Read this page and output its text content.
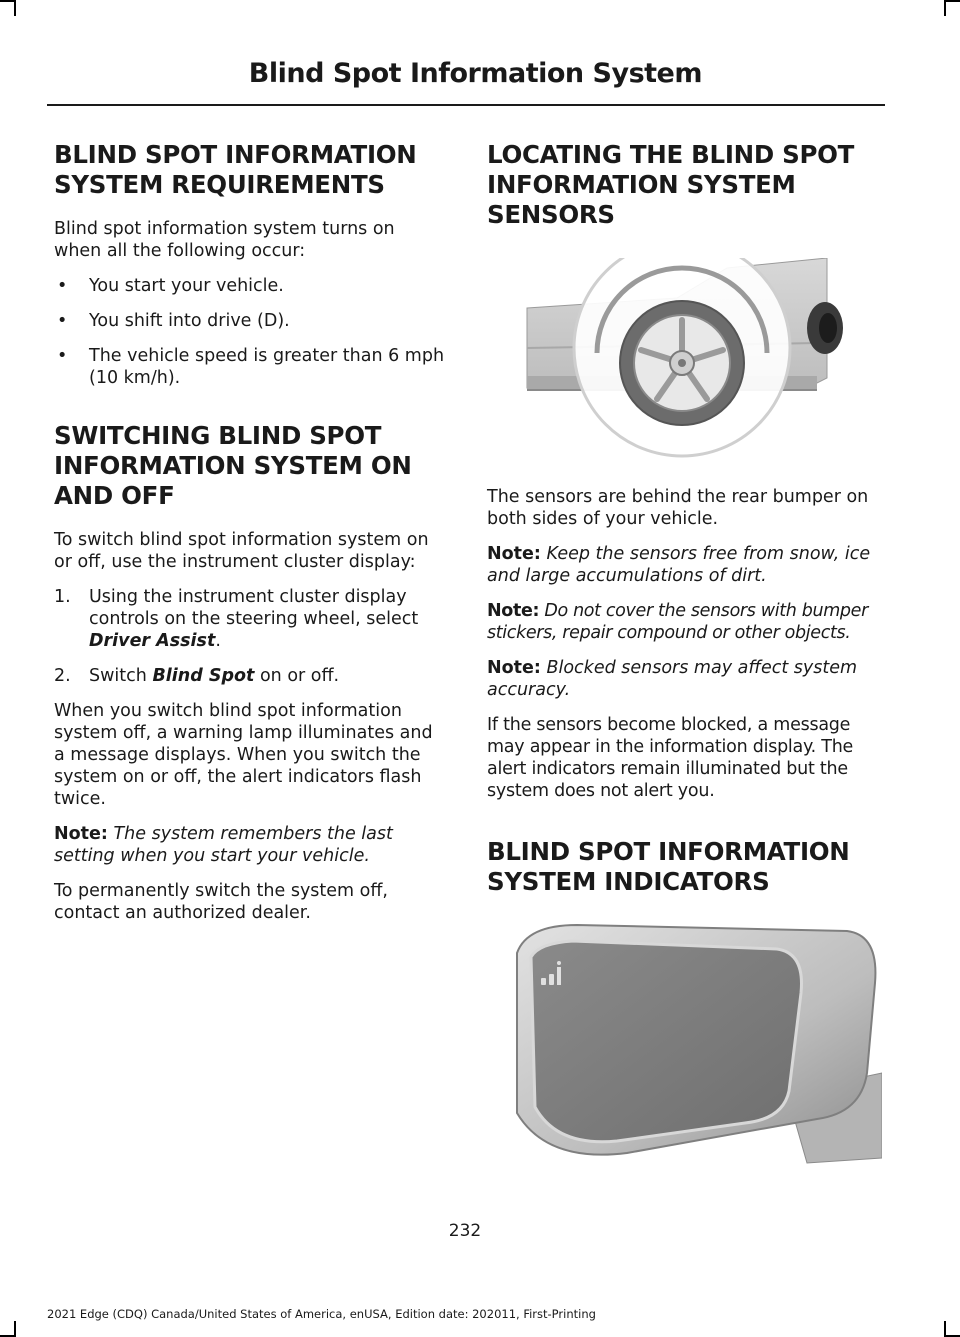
Blind Spot Information System
BLIND SPOT INFORMATION
SYSTEM REQUIREMENTS

Blind spot information system turns on when all the following occur:

• You start your vehicle.
• You shift into drive (D).
• The vehicle speed is greater than 6 mph (10 km/h).
SWITCHING BLIND SPOT
INFORMATION SYSTEM ON
AND OFF

To switch blind spot information system on or off, use the instrument cluster display:

1. Using the instrument cluster display controls on the steering wheel, select Driver Assist.
2. Switch Blind Spot on or off.

When you switch blind spot information system off, a warning lamp illuminates and a message displays. When you switch the system on or off, the alert indicators flash twice.

Note: The system remembers the last setting when you start your vehicle.

To permanently switch the system off, contact an authorized dealer.

LOCATING THE BLIND SPOT
INFORMATION SYSTEM
SENSORS

The sensors are behind the rear bumper on both sides of your vehicle.

Note: Keep the sensors free from snow, ice and large accumulations of dirt.

Note: Do not cover the sensors with bumper stickers, repair compound or other objects.

Note: Blocked sensors may affect system accuracy.

If the sensors become blocked, a message may appear in the information display. The alert indicators remain illuminated but the system does not alert you.

BLIND SPOT INFORMATION
SYSTEM INDICATORS
232
2021 Edge (CDQ) Canada/United States of America, enUSA, Edition date: 202011, First-Printing
